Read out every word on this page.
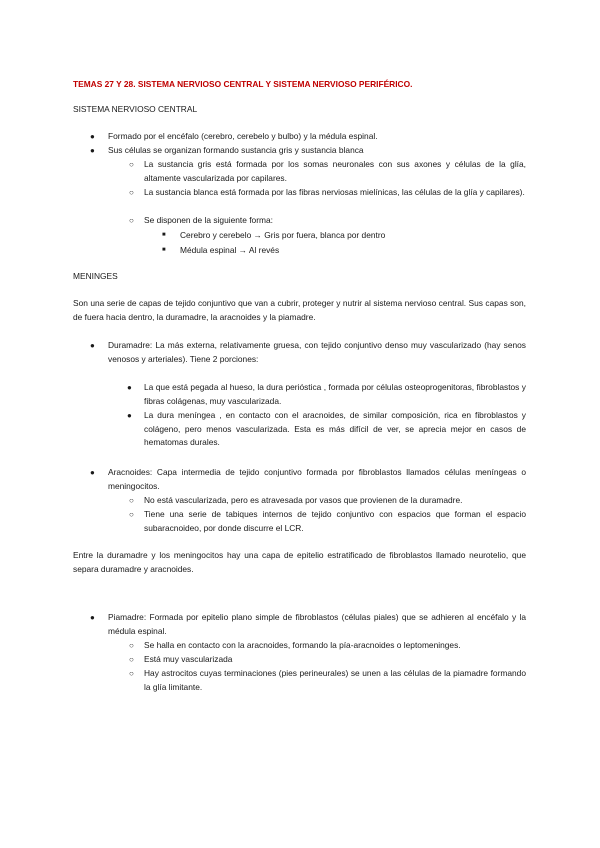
TEMAS 27 Y 28. SISTEMA NERVIOSO CENTRAL Y SISTEMA NERVIOSO PERIFÉRICO.
SISTEMA NERVIOSO CENTRAL
● Formado por el encéfalo (cerebro, cerebelo y bulbo) y la médula espinal.
● Sus células se organizan formando sustancia gris y sustancia blanca
○ La sustancia gris está formada por los somas neuronales con sus axones y células de la glía, altamente vascularizada por capilares.
○ La sustancia blanca está formada por las fibras nerviosas mielínicas, las células de la glía y capilares).
○ Se disponen de la siguiente forma:
■ Cerebro y cerebelo → Gris por fuera, blanca por dentro
■ Médula espinal → Al revés
MENINGES
Son una serie de capas de tejido conjuntivo que van a cubrir, proteger y nutrir al sistema nervioso central. Sus capas son, de fuera hacia dentro, la duramadre, la aracnoides y la piamadre.
● Duramadre: La más externa, relativamente gruesa, con tejido conjuntivo denso muy vascularizado (hay senos venosos y arteriales). Tiene 2 porciones:
● La que está pegada al hueso, la dura perióstica , formada por células osteoprogenitoras, fibroblastos y fibras colágenas, muy vascularizada.
● La dura meníngea , en contacto con el aracnoides, de similar composición, rica en fibroblastos y colágeno, pero menos vascularizada. Esta es más difícil de ver, se aprecia mejor en casos de hematomas durales.
● Aracnoides: Capa intermedia de tejido conjuntivo formada por fibroblastos llamados células meníngeas o meningocitos.
○ No está vascularizada, pero es atravesada por vasos que provienen de la duramadre.
○ Tiene una serie de tabiques internos de tejido conjuntivo con espacios que forman el espacio subaracnoideo, por donde discurre el LCR.
Entre la duramadre y los meningocitos hay una capa de epitelio estratificado de fibroblastos llamado neurotelio, que separa duramadre y aracnoides.
● Piamadre: Formada por epitelio plano simple de fibroblastos (células piales) que se adhieren al encéfalo y la médula espinal.
○ Se halla en contacto con la aracnoides, formando la pía-aracnoides o leptomeninges.
○ Está muy vascularizada
○ Hay astrocitos cuyas terminaciones (pies perineurales) se unen a las células de la piamadre formando la glía limitante.
